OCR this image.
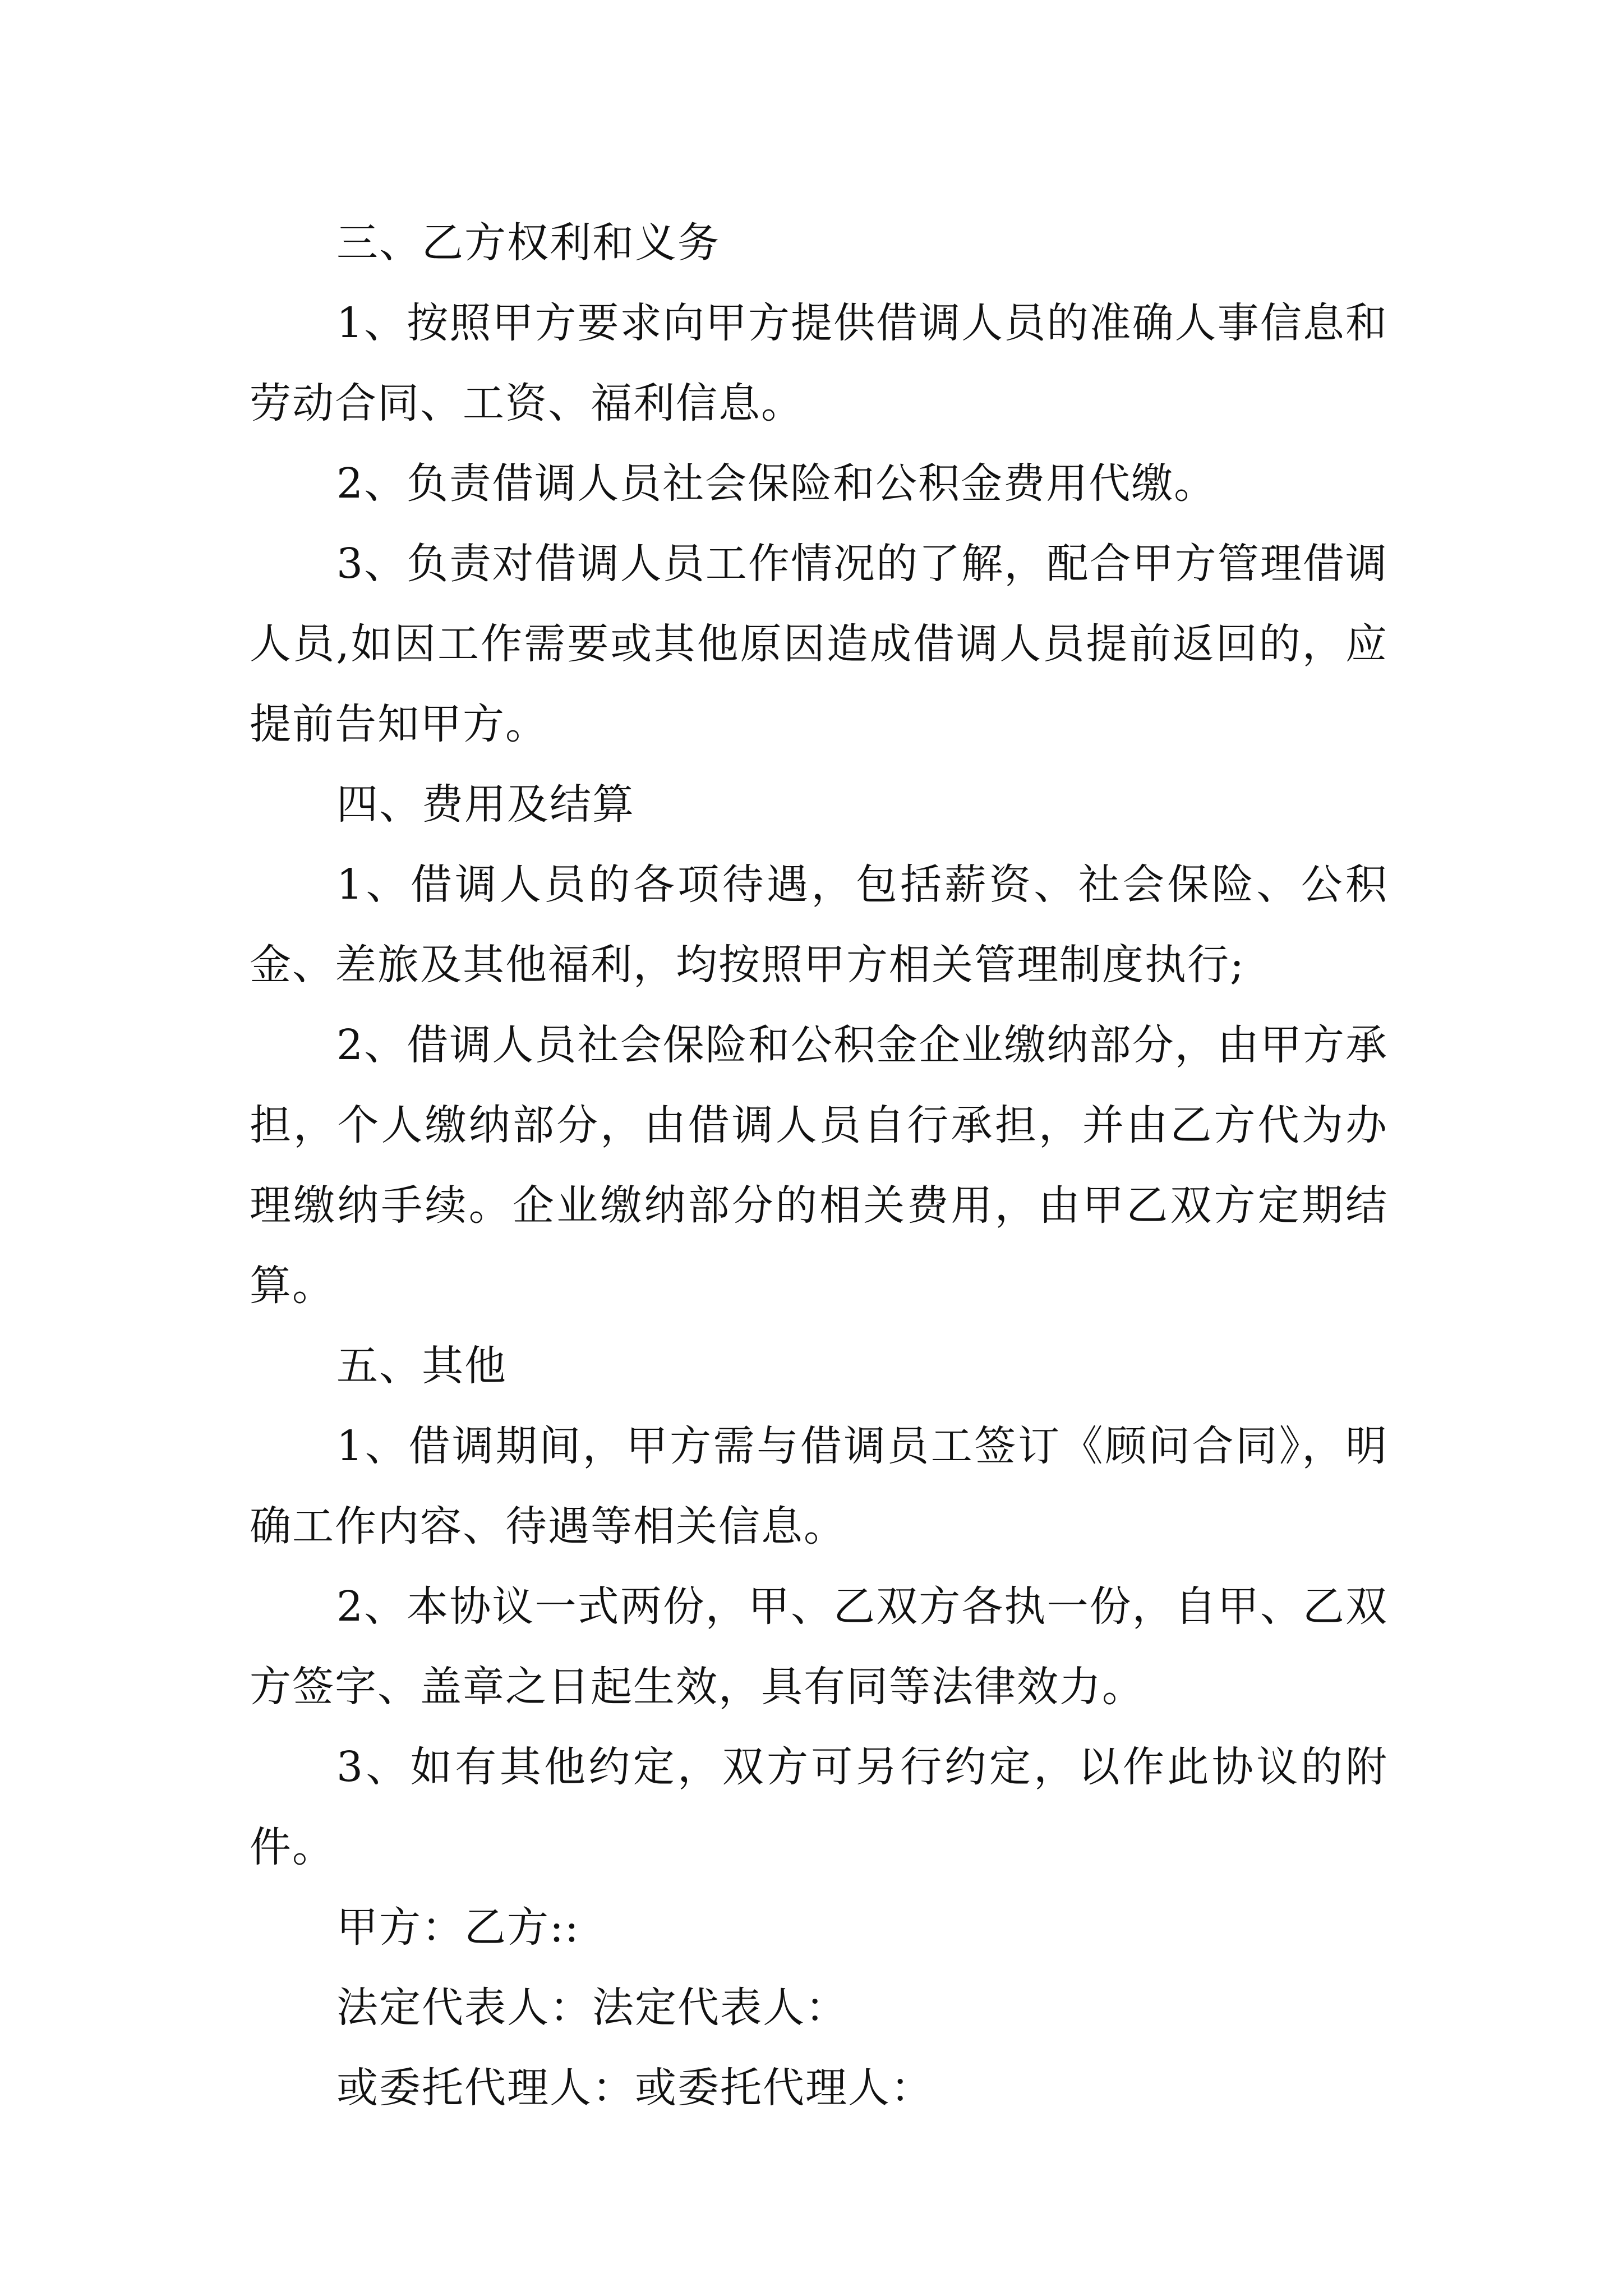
三、乙方权利和义务

1、按照甲方要求向甲方提供借调人员的准确人事信息和劳动合同、工资、福利信息。

2、负责借调人员社会保险和公积金费用代缴。

3、负责对借调人员工作情况的了解，配合甲方管理借调人员,如因工作需要或其他原因造成借调人员提前返回的，应提前告知甲方。

四、费用及结算

1、借调人员的各项待遇，包括薪资、社会保险、公积金、差旅及其他福利，均按照甲方相关管理制度执行;

2、借调人员社会保险和公积金企业缴纳部分，由甲方承担，个人缴纳部分，由借调人员自行承担，并由乙方代为办理缴纳手续。企业缴纳部分的相关费用，由甲乙双方定期结算。

五、其他

1、借调期间，甲方需与借调员工签订《顾问合同》，明确工作内容、待遇等相关信息。

2、本协议一式两份，甲、乙双方各执一份，自甲、乙双方签字、盖章之日起生效，具有同等法律效力。

3、如有其他约定，双方可另行约定，以作此协议的附件。

甲方：乙方::

法定代表人：法定代表人：

或委托代理人：或委托代理人：
